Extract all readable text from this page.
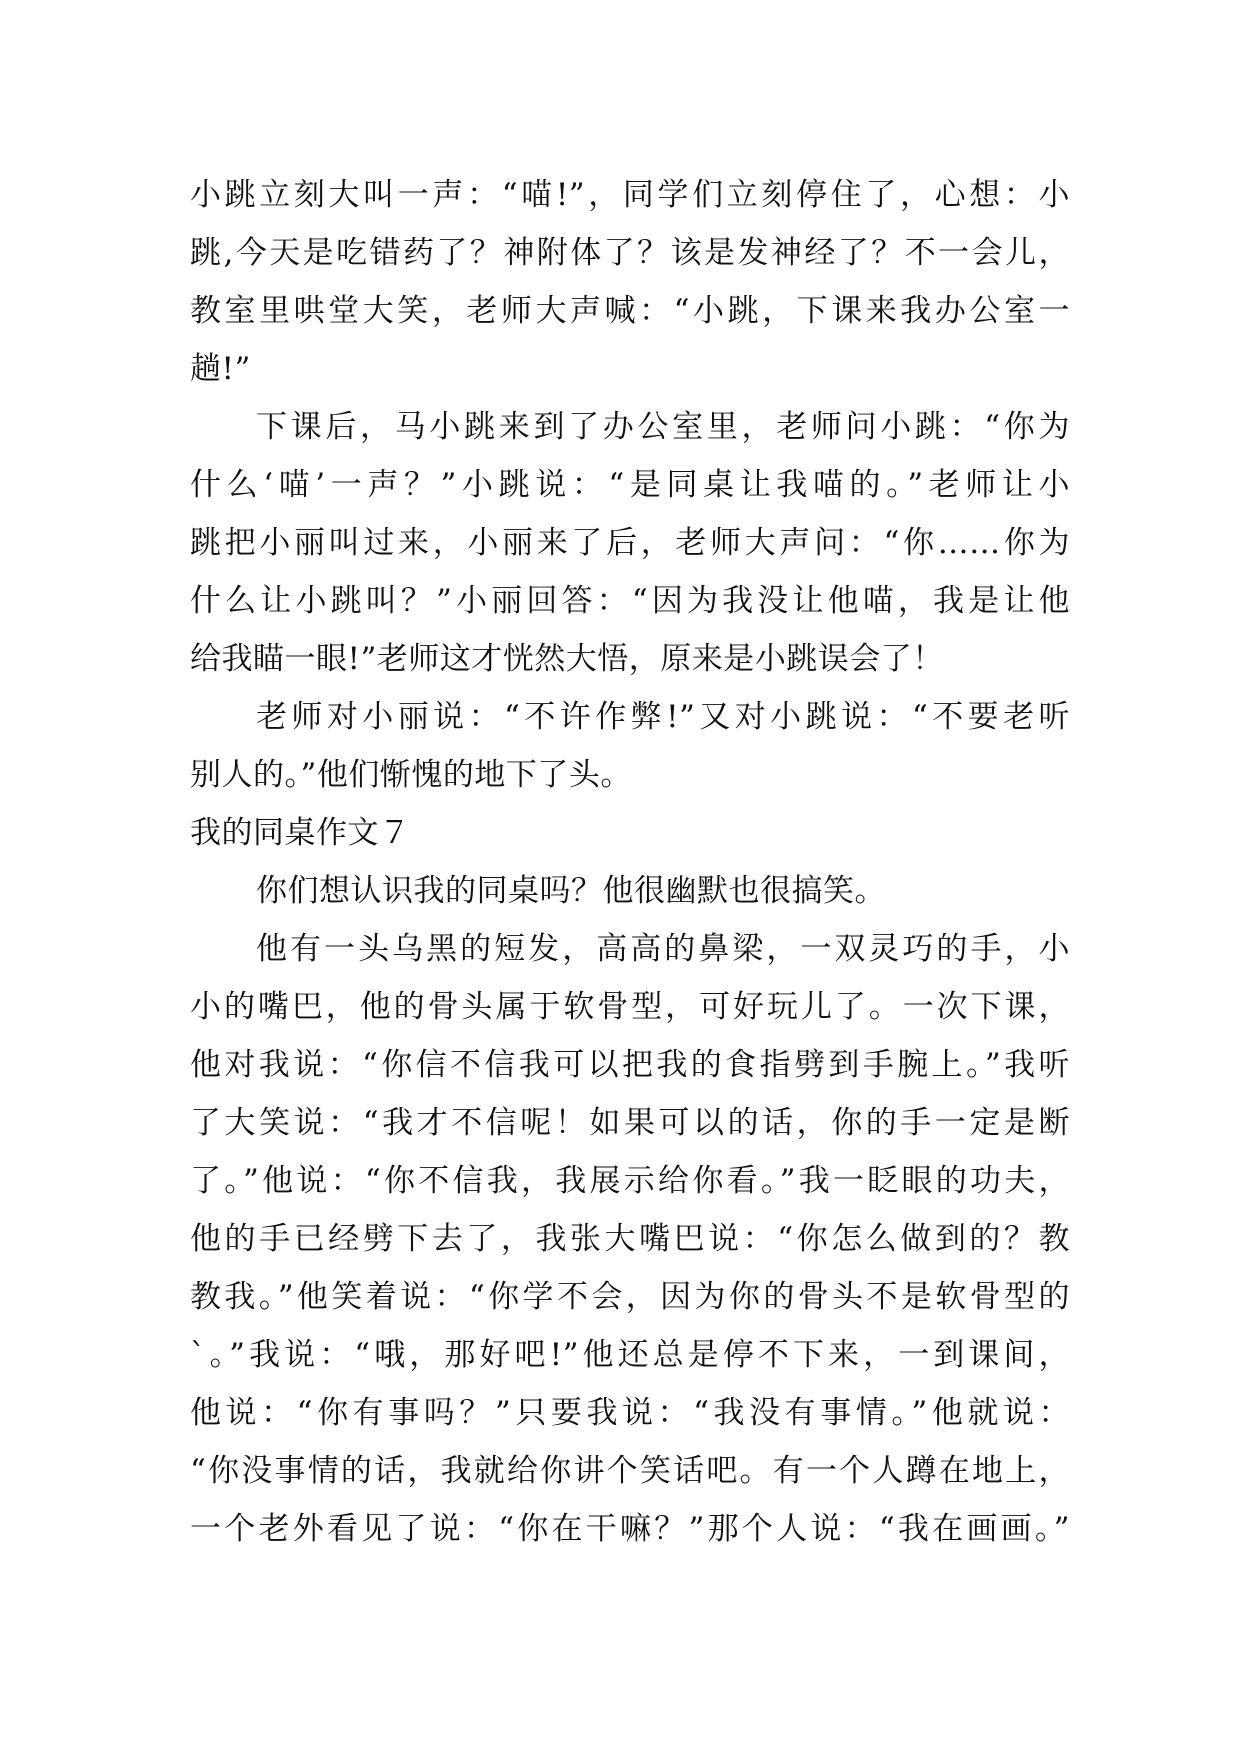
小跳立刻大叫一声：“喵!”，同学们立刻停住了，心想：小
跳,今天是吃错药了？神附体了？该是发神经了？不一会儿，
教室里哄堂大笑，老师大声喊：“小跳，下课来我办公室一
趟!”
下课后，马小跳来到了办公室里，老师问小跳：“你为
什么‘喵’一声？”小跳说：“是同桌让我喵的。”老师让小
跳把小丽叫过来，小丽来了后，老师大声问：“你……你为
什么让小跳叫？”小丽回答：“因为我没让他喵，我是让他
给我瞄一眼!”老师这才恍然大悟，原来是小跳误会了！
老师对小丽说：“不许作弊!”又对小跳说：“不要老听
别人的。”他们惭愧的地下了头。
我的同桌作文７
你们想认识我的同桌吗？他很幽默也很搞笑。
他有一头乌黑的短发，高高的鼻梁，一双灵巧的手，小
小的嘴巴，他的骨头属于软骨型，可好玩儿了。一次下课，
他对我说：“你信不信我可以把我的食指劈到手腕上。”我听
了大笑说：“我才不信呢！如果可以的话，你的手一定是断
了。”他说：“你不信我，我展示给你看。”我一眨眼的功夫，
他的手已经劈下去了，我张大嘴巴说：“你怎么做到的？教
教我。”他笑着说：“你学不会，因为你的骨头不是软骨型的
`。”我说：“哦，那好吧!”他还总是停不下来，一到课间，
他说：“你有事吗？”只要我说：“我没有事情。”他就说：
“你没事情的话，我就给你讲个笑话吧。有一个人蹲在地上，
一个老外看见了说：“你在干嘛？”那个人说：“我在画画。”
